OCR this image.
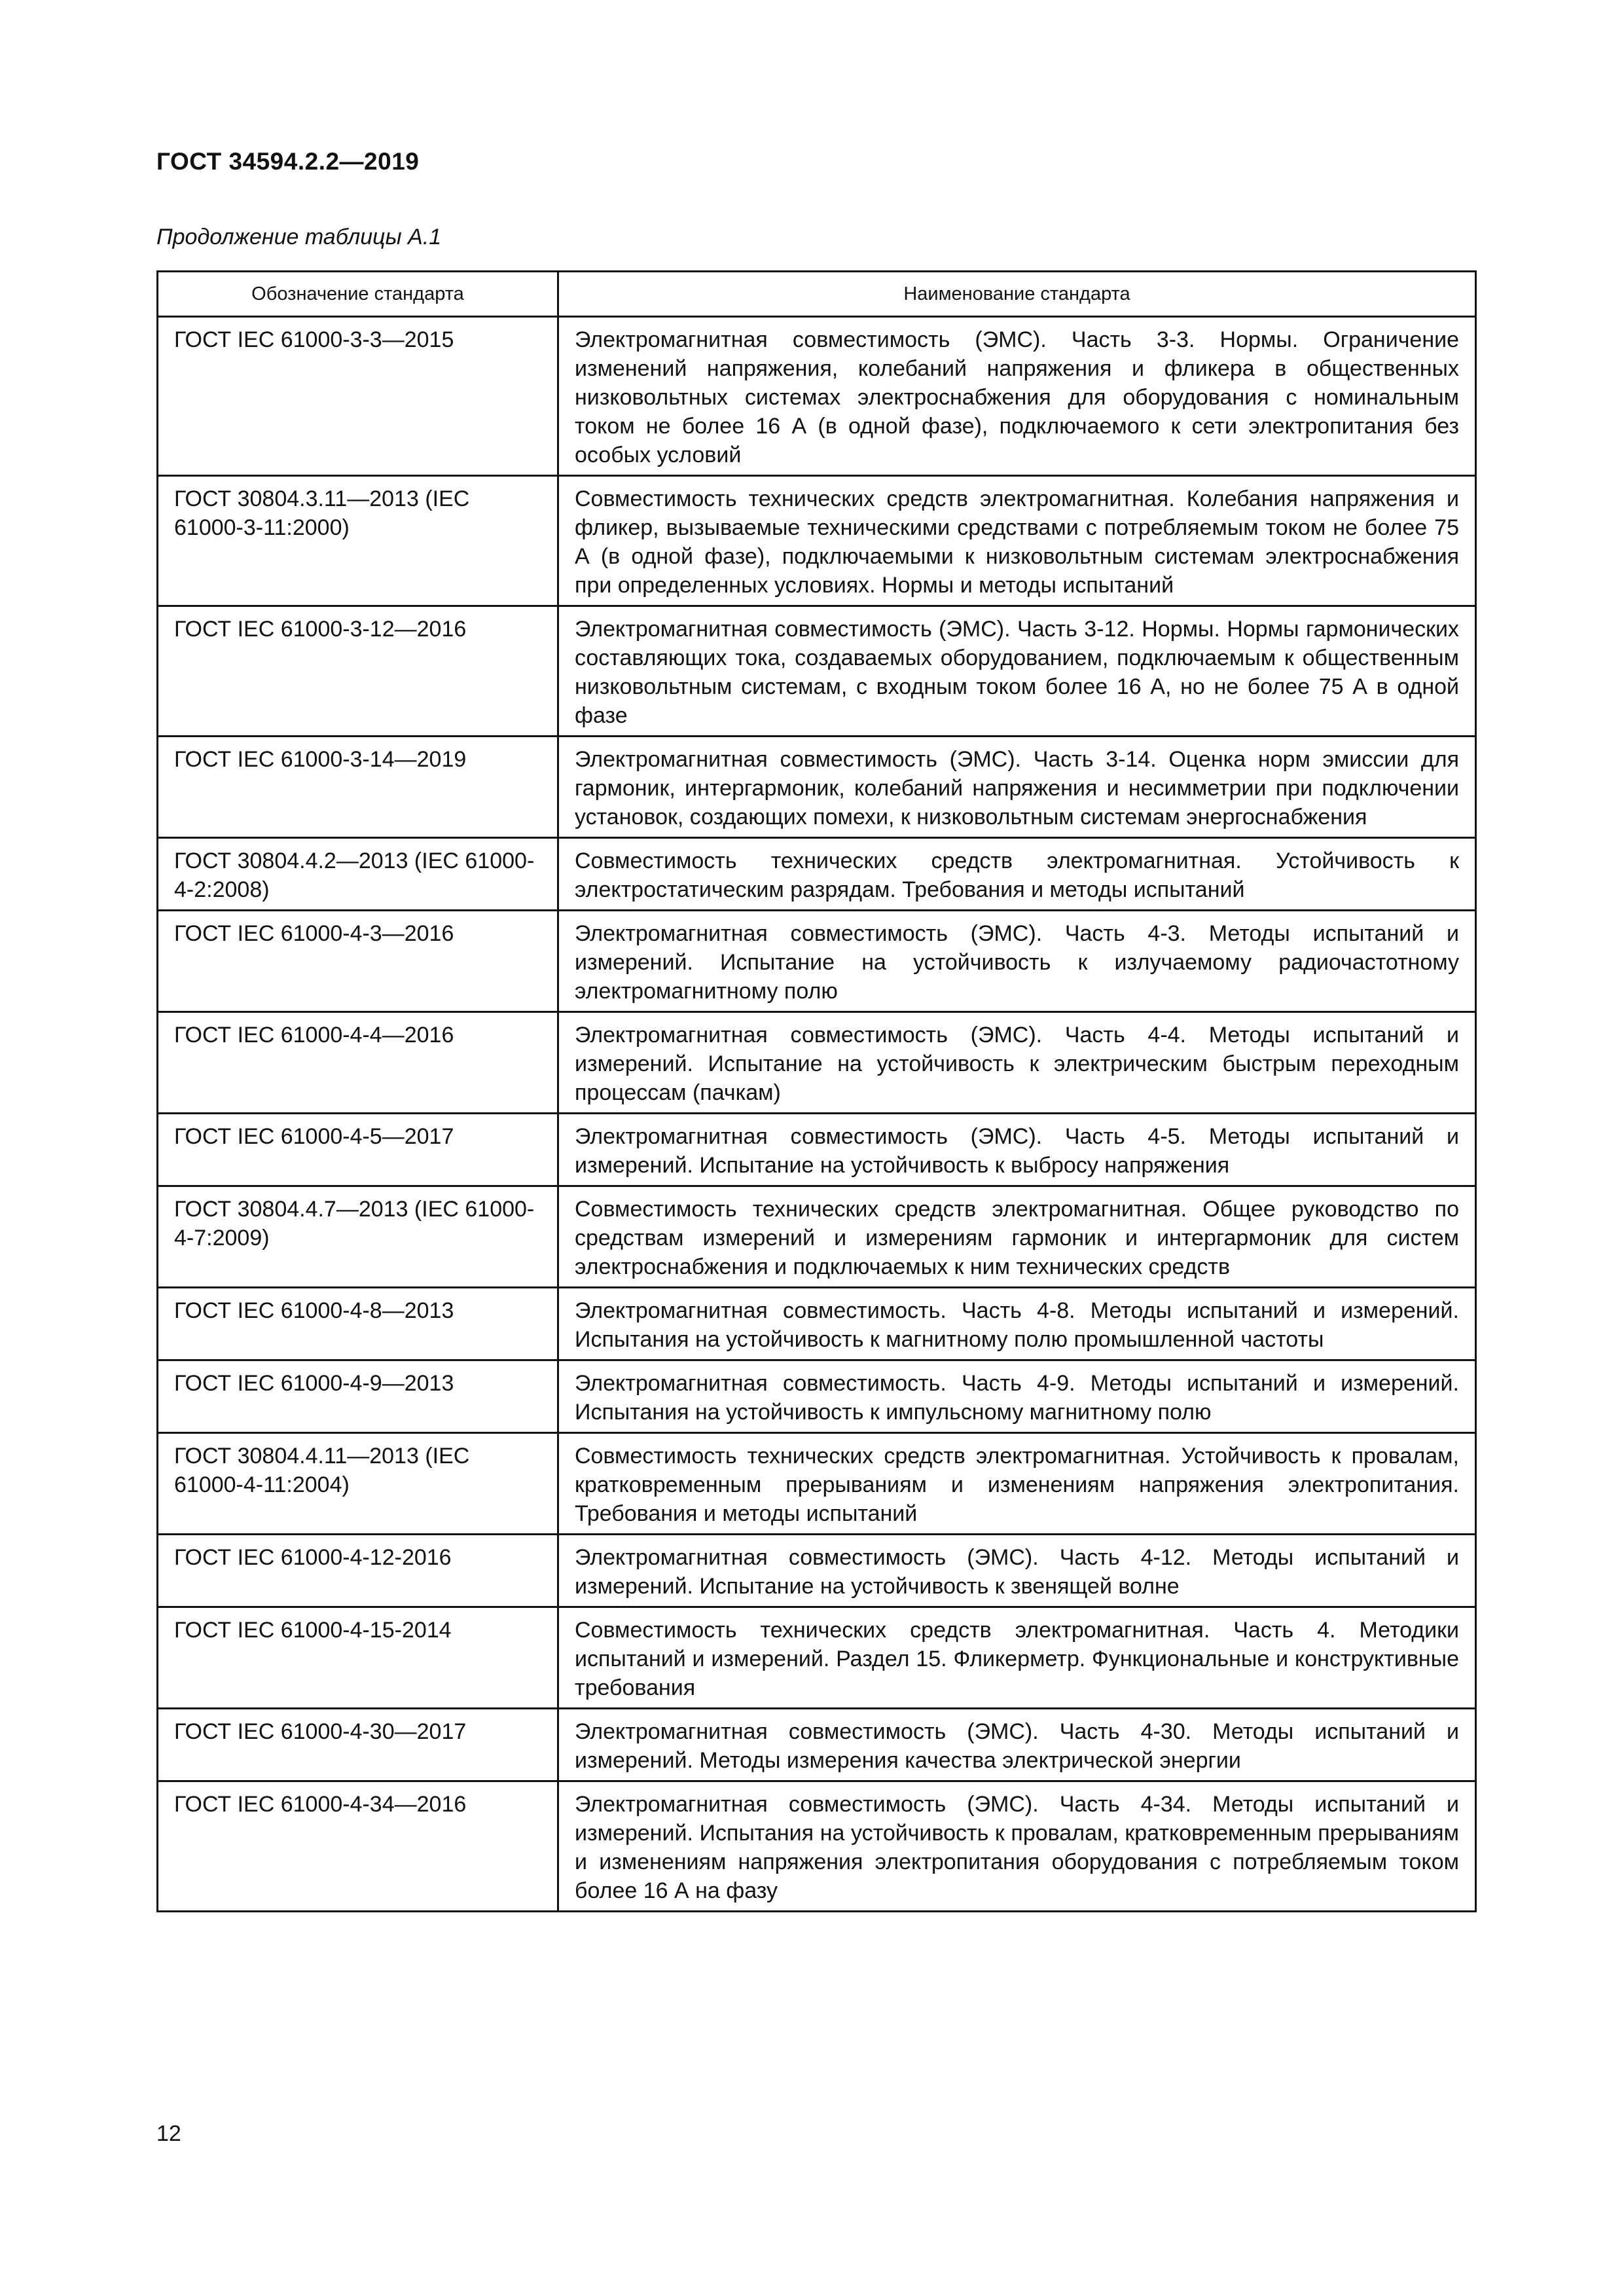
ГОСТ 34594.2.2—2019
Продолжение таблицы А.1
Обозначение стандарта	Наименование стандарта
ГОСТ IEC 61000-3-3—2015	Электромагнитная совместимость (ЭМС). Часть 3-3. Нормы. Ограничение изменений напряжения, колебаний напряжения и фликера в общественных низковольтных системах электроснабжения для оборудования с номинальным током не более 16 А (в одной фазе), подключаемого к сети электропитания без особых условий
ГОСТ 30804.3.11—2013 (IEC 61000-3-11:2000)	Совместимость технических средств электромагнитная. Колебания напряжения и фликер, вызываемые техническими средствами с потребляемым током не более 75 А (в одной фазе), подключаемыми к низковольтным системам электроснабжения при определенных условиях. Нормы и методы испытаний
ГОСТ IEC 61000-3-12—2016	Электромагнитная совместимость (ЭМС). Часть 3-12. Нормы. Нормы гармонических составляющих тока, создаваемых оборудованием, подключаемым к общественным низковольтным системам, с входным током более 16 А, но не более 75 А в одной фазе
ГОСТ IEC 61000-3-14—2019	Электромагнитная совместимость (ЭМС). Часть 3-14. Оценка норм эмиссии для гармоник, интергармоник, колебаний напряжения и несимметрии при подключении установок, создающих помехи, к низковольтным системам энергоснабжения
ГОСТ 30804.4.2—2013 (IEC 61000-4-2:2008)	Совместимость технических средств электромагнитная. Устойчивость к электростатическим разрядам. Требования и методы испытаний
ГОСТ IEC 61000-4-3—2016	Электромагнитная совместимость (ЭМС). Часть 4-3. Методы испытаний и измерений. Испытание на устойчивость к излучаемому радиочастотному электромагнитному полю
ГОСТ IEC 61000-4-4—2016	Электромагнитная совместимость (ЭМС). Часть 4-4. Методы испытаний и измерений. Испытание на устойчивость к электрическим быстрым переходным процессам (пачкам)
ГОСТ IEC 61000-4-5—2017	Электромагнитная совместимость (ЭМС). Часть 4-5. Методы испытаний и измерений. Испытание на устойчивость к выбросу напряжения
ГОСТ 30804.4.7—2013 (IEC 61000-4-7:2009)	Совместимость технических средств электромагнитная. Общее руководство по средствам измерений и измерениям гармоник и интергармоник для систем электроснабжения и подключаемых к ним технических средств
ГОСТ IEC 61000-4-8—2013	Электромагнитная совместимость. Часть 4-8. Методы испытаний и измерений. Испытания на устойчивость к магнитному полю промышленной частоты
ГОСТ IEC 61000-4-9—2013	Электромагнитная совместимость. Часть 4-9. Методы испытаний и измерений. Испытания на устойчивость к импульсному магнитному полю
ГОСТ 30804.4.11—2013 (IEC 61000-4-11:2004)	Совместимость технических средств электромагнитная. Устойчивость к провалам, кратковременным прерываниям и изменениям напряжения электропитания. Требования и методы испытаний
ГОСТ IEC 61000-4-12-2016	Электромагнитная совместимость (ЭМС). Часть 4-12. Методы испытаний и измерений. Испытание на устойчивость к звенящей волне
ГОСТ IEC 61000-4-15-2014	Совместимость технических средств электромагнитная. Часть 4. Методики испытаний и измерений. Раздел 15. Фликерметр. Функциональные и конструктивные требования
ГОСТ IEC 61000-4-30—2017	Электромагнитная совместимость (ЭМС). Часть 4-30. Методы испытаний и измерений. Методы измерения качества электрической энергии
ГОСТ IEC 61000-4-34—2016	Электромагнитная совместимость (ЭМС). Часть 4-34. Методы испытаний и измерений. Испытания на устойчивость к провалам, кратковременным прерываниям и изменениям напряжения электропитания оборудования с потребляемым током более 16 А на фазу
12
